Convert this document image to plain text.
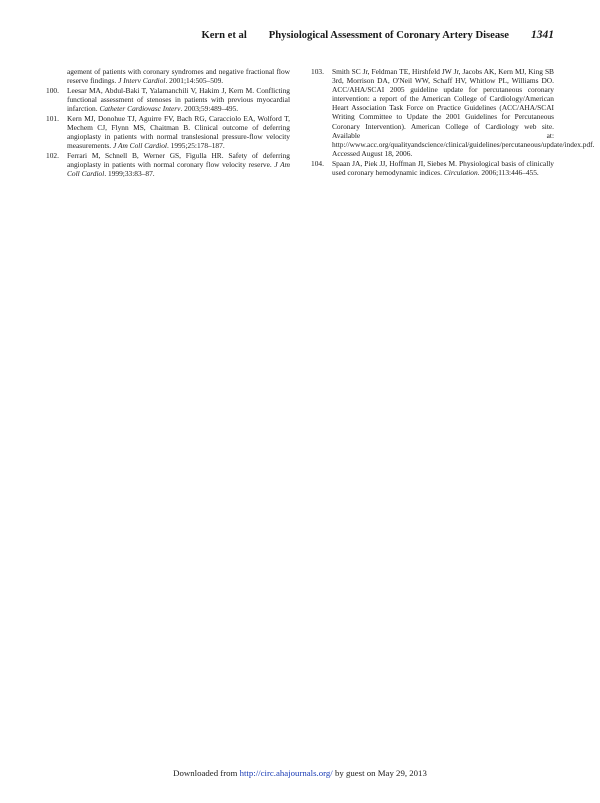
Kern et al Physiological Assessment of Coronary Artery Disease 1341
agement of patients with coronary syndromes and negative fractional flow reserve findings. J Interv Cardiol. 2001;14:505–509.
100. Leesar MA, Abdul-Baki T, Yalamanchili V, Hakim J, Kern M. Conflicting functional assessment of stenoses in patients with previous myocardial infarction. Catheter Cardiovasc Interv. 2003;59:489–495.
101. Kern MJ, Donohue TJ, Aguirre FV, Bach RG, Caracciolo EA, Wolford T, Mechem CJ, Flynn MS, Chaitman B. Clinical outcome of deferring angioplasty in patients with normal translesional pressure-flow velocity measurements. J Am Coll Cardiol. 1995;25:178–187.
102. Ferrari M, Schnell B, Werner GS, Figulla HR. Safety of deferring angioplasty in patients with normal coronary flow velocity reserve. J Am Coll Cardiol. 1999;33:83–87.
103. Smith SC Jr, Feldman TE, Hirshfeld JW Jr, Jacobs AK, Kern MJ, King SB 3rd, Morrison DA, O'Neil WW, Schaff HV, Whitlow PL, Williams DO. ACC/AHA/SCAI 2005 guideline update for percutaneous coronary intervention: a report of the American College of Cardiology/American Heart Association Task Force on Practice Guidelines (ACC/AHA/SCAI Writing Committee to Update the 2001 Guidelines for Percutaneous Coronary Intervention). American College of Cardiology web site. Available at: http://www.acc.org/qualityandscience/clinical/guidelines/percutaneous/update/index.pdf. Accessed August 18, 2006.
104. Spaan JA, Piek JJ, Hoffman JI, Siebes M. Physiological basis of clinically used coronary hemodynamic indices. Circulation. 2006;113:446–455.
Downloaded from http://circ.ahajournals.org/ by guest on May 29, 2013
